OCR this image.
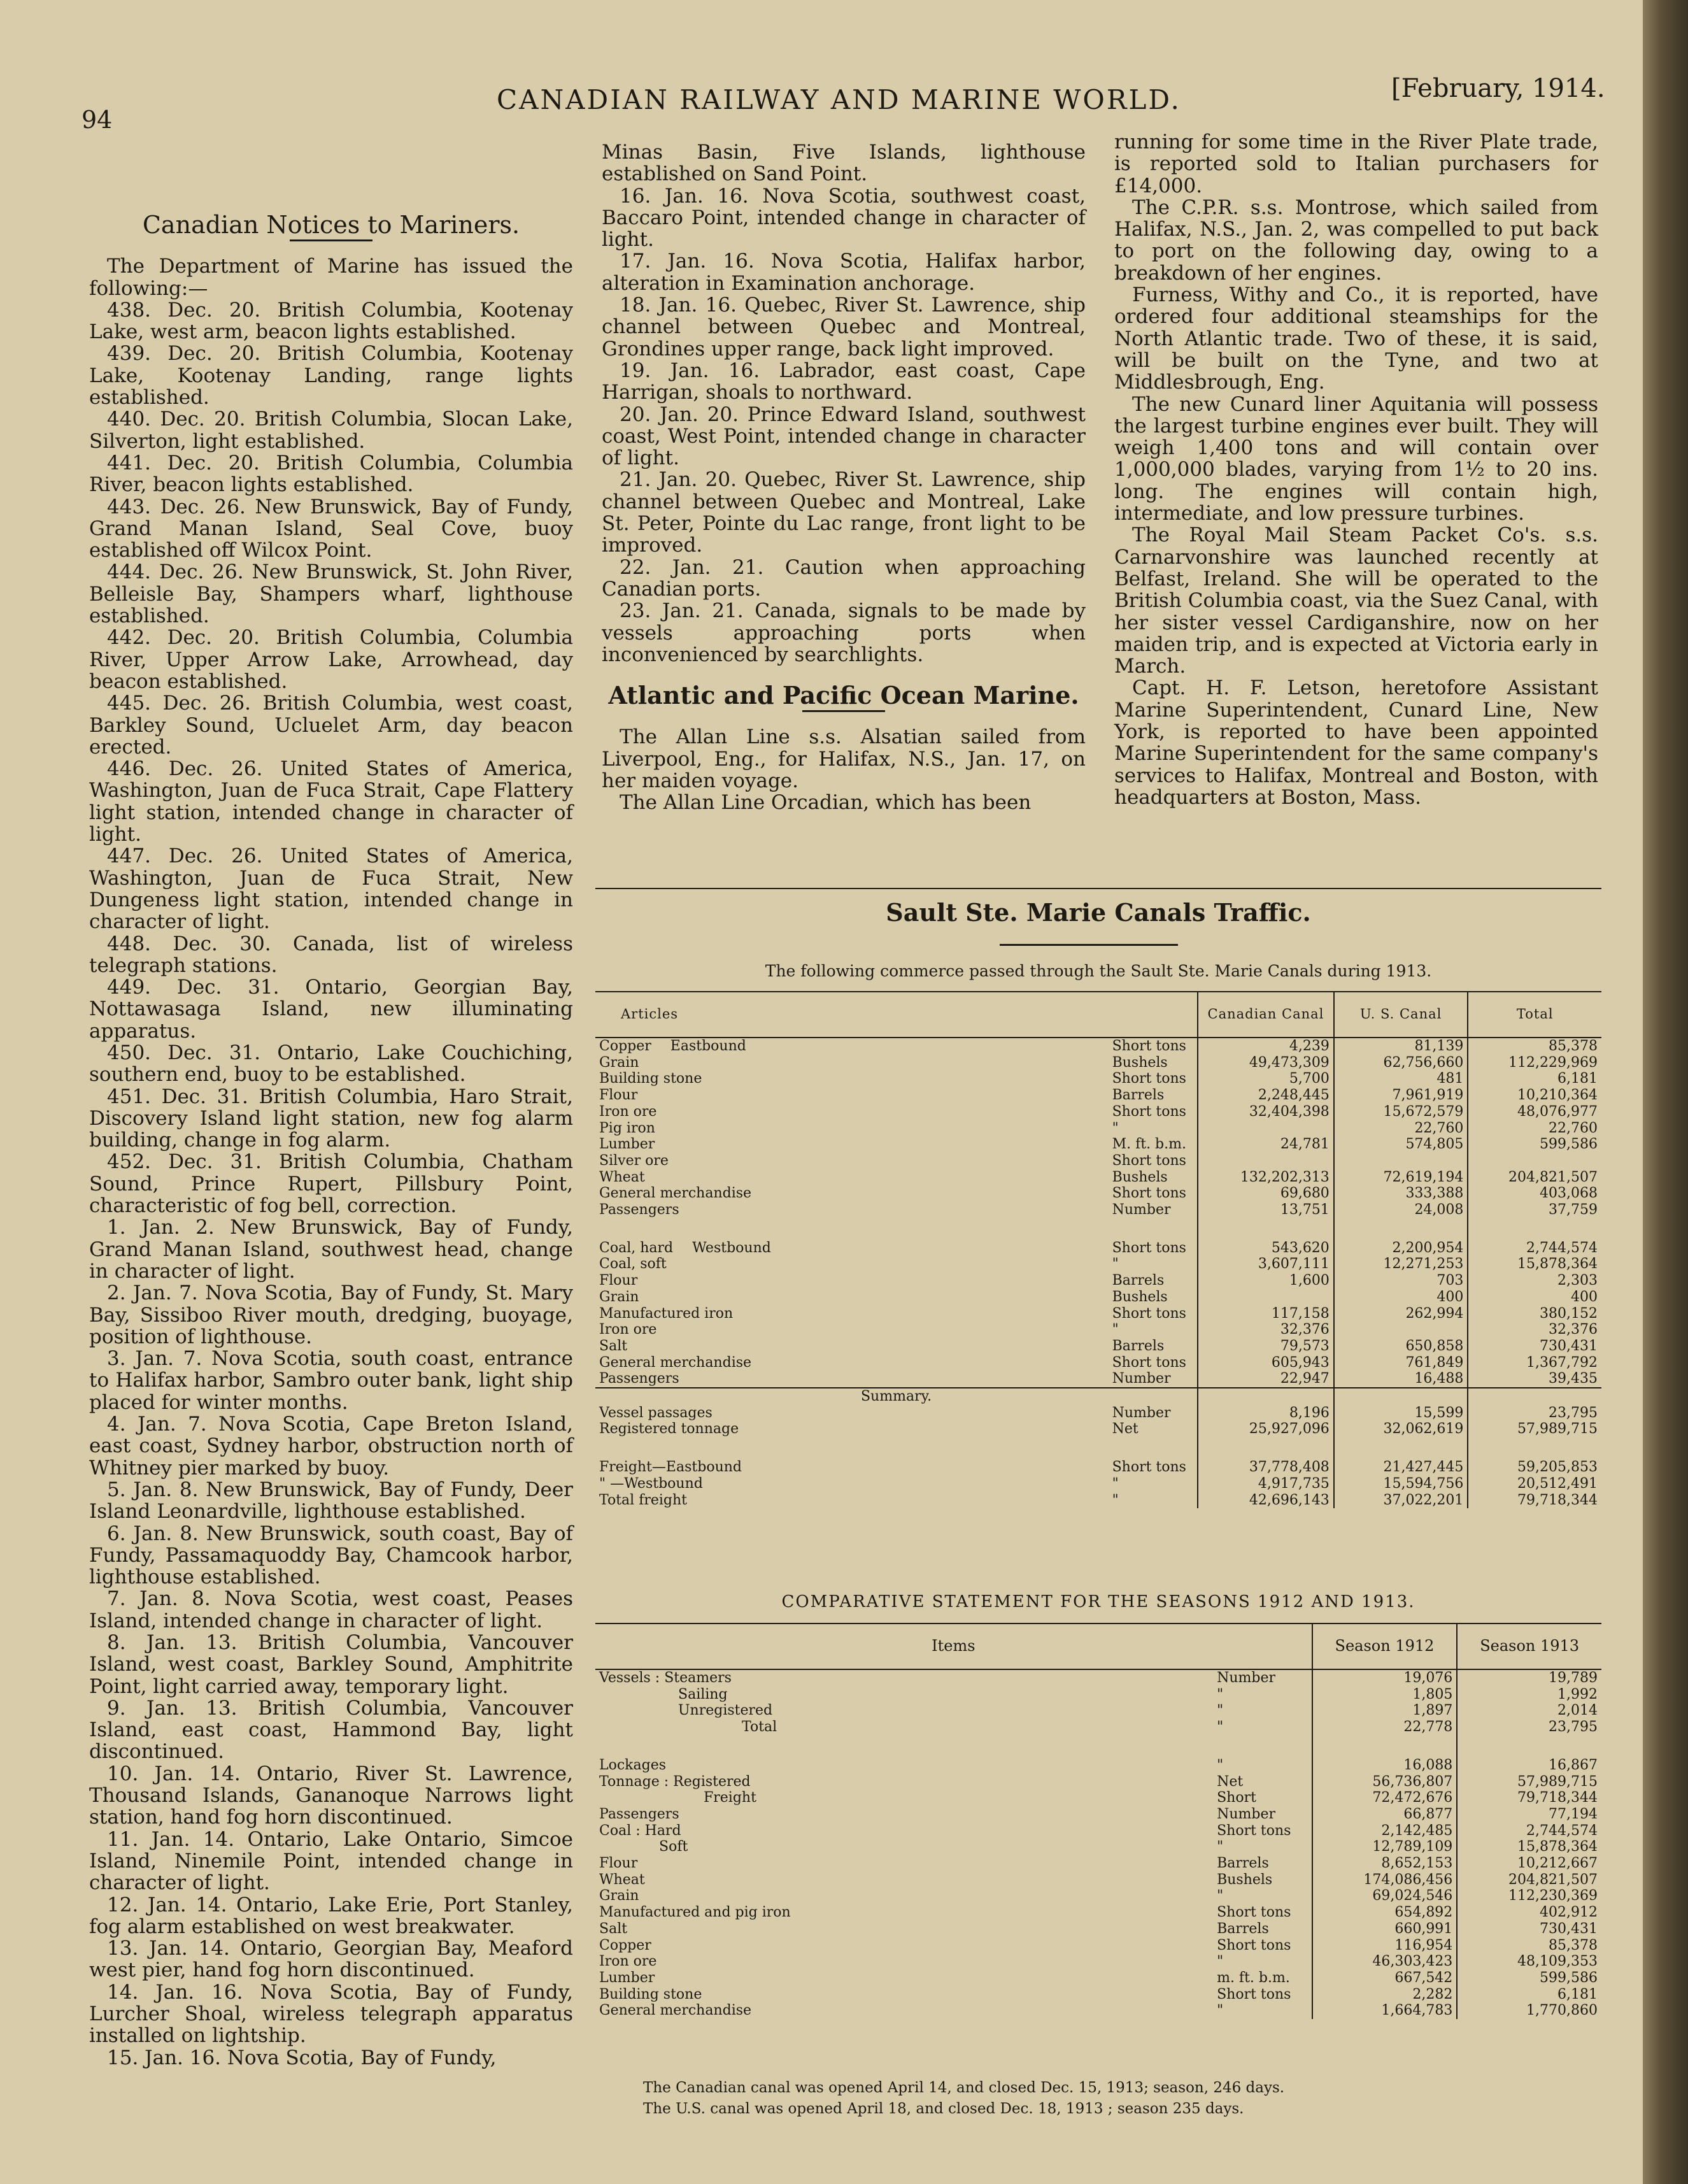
94
CANADIAN RAILWAY AND MARINE WORLD.	[February, 1914.
Canadian Notices to Mariners.

The Department of Marine has issued the following:—

438. Dec. 20. British Columbia, Kootenay Lake, west arm, beacon lights established.

439. Dec. 20. British Columbia, Kootenay Lake, Kootenay Landing, range lights established.

440. Dec. 20. British Columbia, Slocan Lake, Silverton, light established.

441. Dec. 20. British Columbia, Columbia River, beacon lights established.

443. Dec. 26. New Brunswick, Bay of Fundy, Grand Manan Island, Seal Cove, buoy established off Wilcox Point.

444. Dec. 26. New Brunswick, St. John River, Belleisle Bay, Shampers wharf, lighthouse established.

442. Dec. 20. British Columbia, Columbia River, Upper Arrow Lake, Arrowhead, day beacon established.

445. Dec. 26. British Columbia, west coast, Barkley Sound, Ucluelet Arm, day beacon erected.

446. Dec. 26. United States of America, Washington, Juan de Fuca Strait, Cape Flattery light station, intended change in character of light.

447. Dec. 26. United States of America, Washington, Juan de Fuca Strait, New Dungeness light station, intended change in character of light.

448. Dec. 30. Canada, list of wireless telegraph stations.

449. Dec. 31. Ontario, Georgian Bay, Nottawasaga Island, new illuminating apparatus.

450. Dec. 31. Ontario, Lake Couchiching, southern end, buoy to be established.

451. Dec. 31. British Columbia, Haro Strait, Discovery Island light station, new fog alarm building, change in fog alarm.

452. Dec. 31. British Columbia, Chatham Sound, Prince Rupert, Pillsbury Point, characteristic of fog bell, correction.

1. Jan. 2. New Brunswick, Bay of Fundy, Grand Manan Island, southwest head, change in character of light.

2. Jan. 7. Nova Scotia, Bay of Fundy, St. Mary Bay, Sissiboo River mouth, dredging, buoyage, position of lighthouse.

3. Jan. 7. Nova Scotia, south coast, entrance to Halifax harbor, Sambro outer bank, light ship placed for winter months.

4. Jan. 7. Nova Scotia, Cape Breton Island, east coast, Sydney harbor, obstruction north of Whitney pier marked by buoy.

5. Jan. 8. New Brunswick, Bay of Fundy, Deer Island Leonardville, lighthouse established.

6. Jan. 8. New Brunswick, south coast, Bay of Fundy, Passamaquoddy Bay, Chamcook harbor, lighthouse established.

7. Jan. 8. Nova Scotia, west coast, Peases Island, intended change in character of light.

8. Jan. 13. British Columbia, Vancouver Island, west coast, Barkley Sound, Amphitrite Point, light carried away, temporary light.

9. Jan. 13. British Columbia, Vancouver Island, east coast, Hammond Bay, light discontinued.

10. Jan. 14. Ontario, River St. Lawrence, Thousand Islands, Gananoque Narrows light station, hand fog horn discontinued.

11. Jan. 14. Ontario, Lake Ontario, Simcoe Island, Ninemile Point, intended change in character of light.

12. Jan. 14. Ontario, Lake Erie, Port Stanley, fog alarm established on west breakwater.

13. Jan. 14. Ontario, Georgian Bay, Meaford west pier, hand fog horn discontinued.

14. Jan. 16. Nova Scotia, Bay of Fundy, Lurcher Shoal, wireless telegraph apparatus installed on lightship.

15. Jan. 16. Nova Scotia, Bay of Fundy,

Minas Basin, Five Islands, lighthouse established on Sand Point.

16. Jan. 16. Nova Scotia, southwest coast, Baccaro Point, intended change in character of light.

17. Jan. 16. Nova Scotia, Halifax harbor, alteration in Examination anchorage.

18. Jan. 16. Quebec, River St. Lawrence, ship channel between Quebec and Montreal, Grondines upper range, back light improved.

19. Jan. 16. Labrador, east coast, Cape Harrigan, shoals to northward.

20. Jan. 20. Prince Edward Island, southwest coast, West Point, intended change in character of light.

21. Jan. 20. Quebec, River St. Lawrence, ship channel between Quebec and Montreal, Lake St. Peter, Pointe du Lac range, front light to be improved.

22. Jan. 21. Caution when approaching Canadian ports.

23. Jan. 21. Canada, signals to be made by vessels approaching ports when inconvenienced by searchlights.

Atlantic and Pacific Ocean Marine.

The Allan Line s.s. Alsatian sailed from Liverpool, Eng., for Halifax, N.S., Jan. 17, on her maiden voyage.

The Allan Line Orcadian, which has been

running for some time in the River Plate trade, is reported sold to Italian purchasers for £14,000.

The C.P.R. s.s. Montrose, which sailed from Halifax, N.S., Jan. 2, was compelled to put back to port on the following day, owing to a breakdown of her engines.

Furness, Withy and Co., it is reported, have ordered four additional steamships for the North Atlantic trade. Two of these, it is said, will be built on the Tyne, and two at Middlesbrough, Eng.

The new Cunard liner Aquitania will possess the largest turbine engines ever built. They will weigh 1,400 tons and will contain over 1,000,000 blades, varying from 1½ to 20 ins. long. The engines will contain high, intermediate, and low pressure turbines.

The Royal Mail Steam Packet Co's. s.s. Carnarvonshire was launched recently at Belfast, Ireland. She will be operated to the British Columbia coast, via the Suez Canal, with her sister vessel Cardiganshire, now on her maiden trip, and is expected at Victoria early in March.

Capt. H. F. Letson, heretofore Assistant Marine Superintendent, Cunard Line, New York, is reported to have been appointed Marine Superintendent for the same company's services to Halifax, Montreal and Boston, with headquarters at Boston, Mass.

Sault Ste. Marie Canals Traffic.
The following commerce passed through the Sault Ste. Marie Canals during 1913.
Articles		Canadian Canal	U. S. Canal	Total
Copper Eastbound	Short tons	4,239	81,139	85,378
Grain	Bushels	49,473,309	62,756,660	112,229,969
Building stone	Short tons	5,700	481	6,181
Flour	Barrels	2,248,445	7,961,919	10,210,364
Iron ore	Short tons	32,404,398	15,672,579	48,076,977
Pig iron	"		22,760	22,760
Lumber	M. ft. b.m.	24,781	574,805	599,586
Silver ore	Short tons			
Wheat	Bushels	132,202,313	72,619,194	204,821,507
General merchandise	Short tons	69,680	333,388	403,068
Passengers	Number	13,751	24,008	37,759

Coal, hard Westbound	Short tons	543,620	2,200,954	2,744,574
Coal, soft	"	3,607,111	12,271,253	15,878,364
Flour	Barrels	1,600	703	2,303
Grain	Bushels		400	400
Manufactured iron	Short tons	117,158	262,994	380,152
Iron ore	"	32,376		32,376
Salt	Barrels	79,573	650,858	730,431
General merchandise	Short tons	605,943	761,849	1,367,792
Passengers	Number	22,947	16,488	39,435
Summary.				
Vessel passages	Number	8,196	15,599	23,795
Registered tonnage	Net	25,927,096	32,062,619	57,989,715

Freight—Eastbound	Short tons	37,778,408	21,427,445	59,205,853
" —Westbound	"	4,917,735	15,594,756	20,512,491
Total freight	"	42,696,143	37,022,201	79,718,344
COMPARATIVE STATEMENT FOR THE SEASONS 1912 AND 1913.
Items		Season 1912	Season 1913
Vessels : Steamers	Number	19,076	19,789
Sailing	"	1,805	1,992
Unregistered	"	1,897	2,014
Total	"	22,778	23,795

Lockages	"	16,088	16,867
Tonnage : Registered	Net	56,736,807	57,989,715
Freight	Short	72,472,676	79,718,344
Passengers	Number	66,877	77,194
Coal : Hard	Short tons	2,142,485	2,744,574
Soft	"	12,789,109	15,878,364
Flour	Barrels	8,652,153	10,212,667
Wheat	Bushels	174,086,456	204,821,507
Grain	"	69,024,546	112,230,369
Manufactured and pig iron	Short tons	654,892	402,912
Salt	Barrels	660,991	730,431
Copper	Short tons	116,954	85,378
Iron ore	"	46,303,423	48,109,353
Lumber	m. ft. b.m.	667,542	599,586
Building stone	Short tons	2,282	6,181
General merchandise	"	1,664,783	1,770,860
The Canadian canal was opened April 14, and closed Dec. 15, 1913; season, 246 days.
The U.S. canal was opened April 18, and closed Dec. 18, 1913 ; season 235 days.
